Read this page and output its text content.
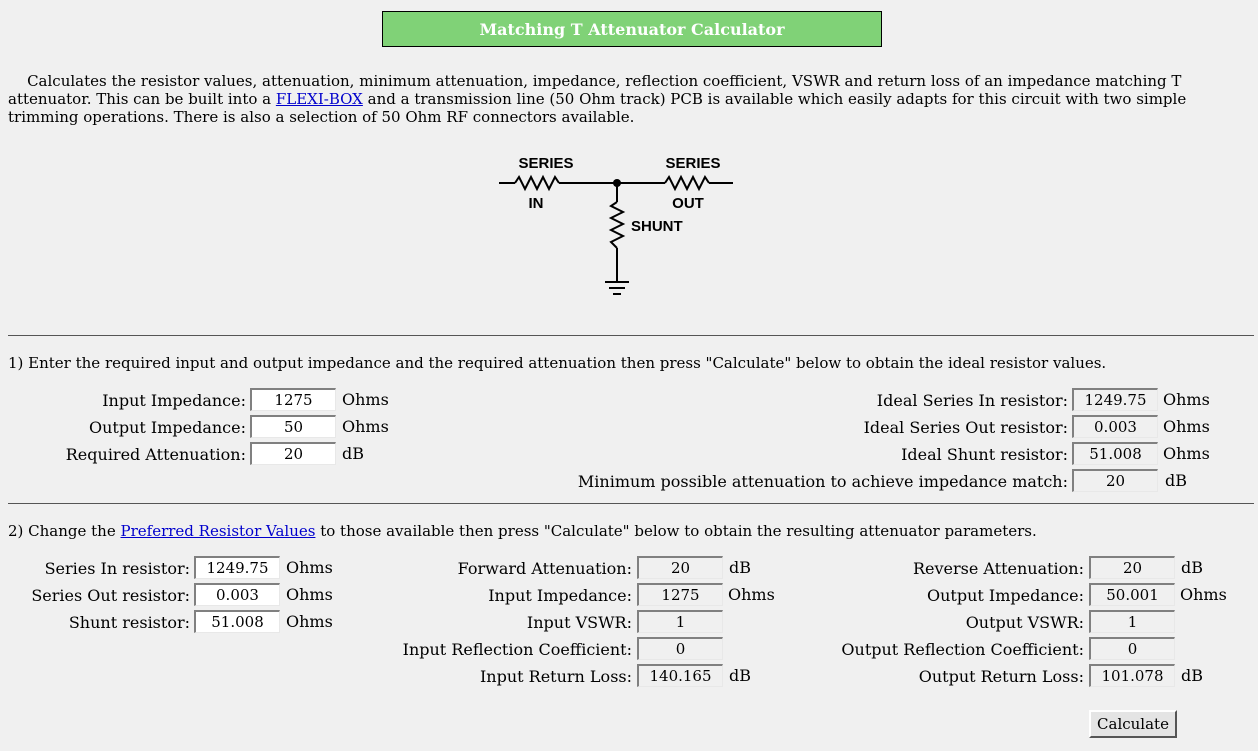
Matching T Attenuator Calculator
Calculates the resistor values, attenuation, minimum attenuation, impedance, reflection coefficient, VSWR and return loss of an impedance matching T attenuator. This can be built into a FLEXI-BOX and a transmission line (50 Ohm track) PCB is available which easily adapts for this circuit with two simple trimming operations. There is also a selection of 50 Ohm RF connectors available.
SERIES
IN
SERIES
OUT
SHUNT
1) Enter the required input and output impedance and the required attenuation then press "Calculate" below to obtain the ideal resistor values.
Input Impedance:
1275	Ohms
Output Impedance:
50	Ohms
Required Attenuation:
20	dB
Ideal Series In resistor:
1249.75	Ohms
Ideal Series Out resistor:
0.003	Ohms
Ideal Shunt resistor:
51.008	Ohms
Minimum possible attenuation to achieve impedance match:
20	dB
2) Change the Preferred Resistor Values to those available then press "Calculate" below to obtain the resulting attenuator parameters.
Series In resistor:
1249.75	Ohms
Series Out resistor:
0.003	Ohms
Shunt resistor:
51.008	Ohms
Forward Attenuation:
20	dB
Input Impedance:
1275	Ohms
Input VSWR:
1
Input Reflection Coefficient:
0
Input Return Loss:
140.165	dB
Reverse Attenuation:
20	dB
Output Impedance:
50.001	Ohms
Output VSWR:
1
Output Reflection Coefficient:
0
Output Return Loss:
101.078	dB
Calculate
